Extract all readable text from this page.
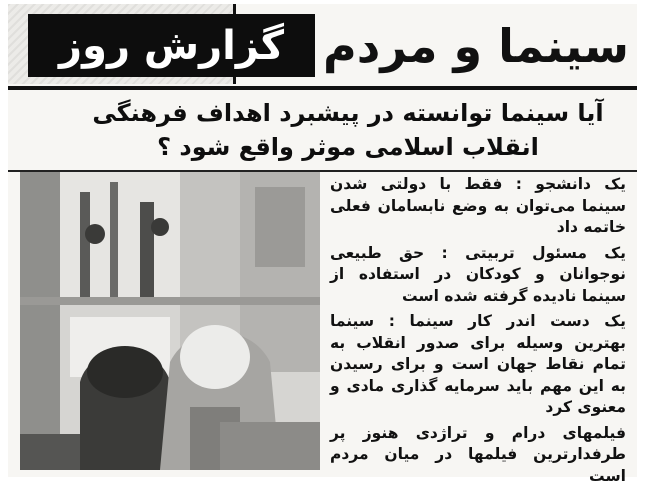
گزارش روز سینما و مردم
آیا سینما توانسته در پیشبرد اهداف فرهنگی
انقلاب اسلامی موثر واقع شود ؟

یک دانشجو : فقط با دولتی شدن سینما می‌توان به وضع نابسامان فعلی خاتمه داد

یک مسئول تربیتی : حق طبیعی نوجوانان و کودکان در استفاده از سینما نادیده گرفته شده است

یک دست اندر کار سینما : سینما بهترین وسیله برای صدور انقلاب به تمام نقاط جهان است و برای رسیدن به این مهم باید سرمایه گذاری مادی و معنوی کرد

فیلمهای درام و تراژدی هنوز پر طرفدارترین فیلمها در میان مردم است
